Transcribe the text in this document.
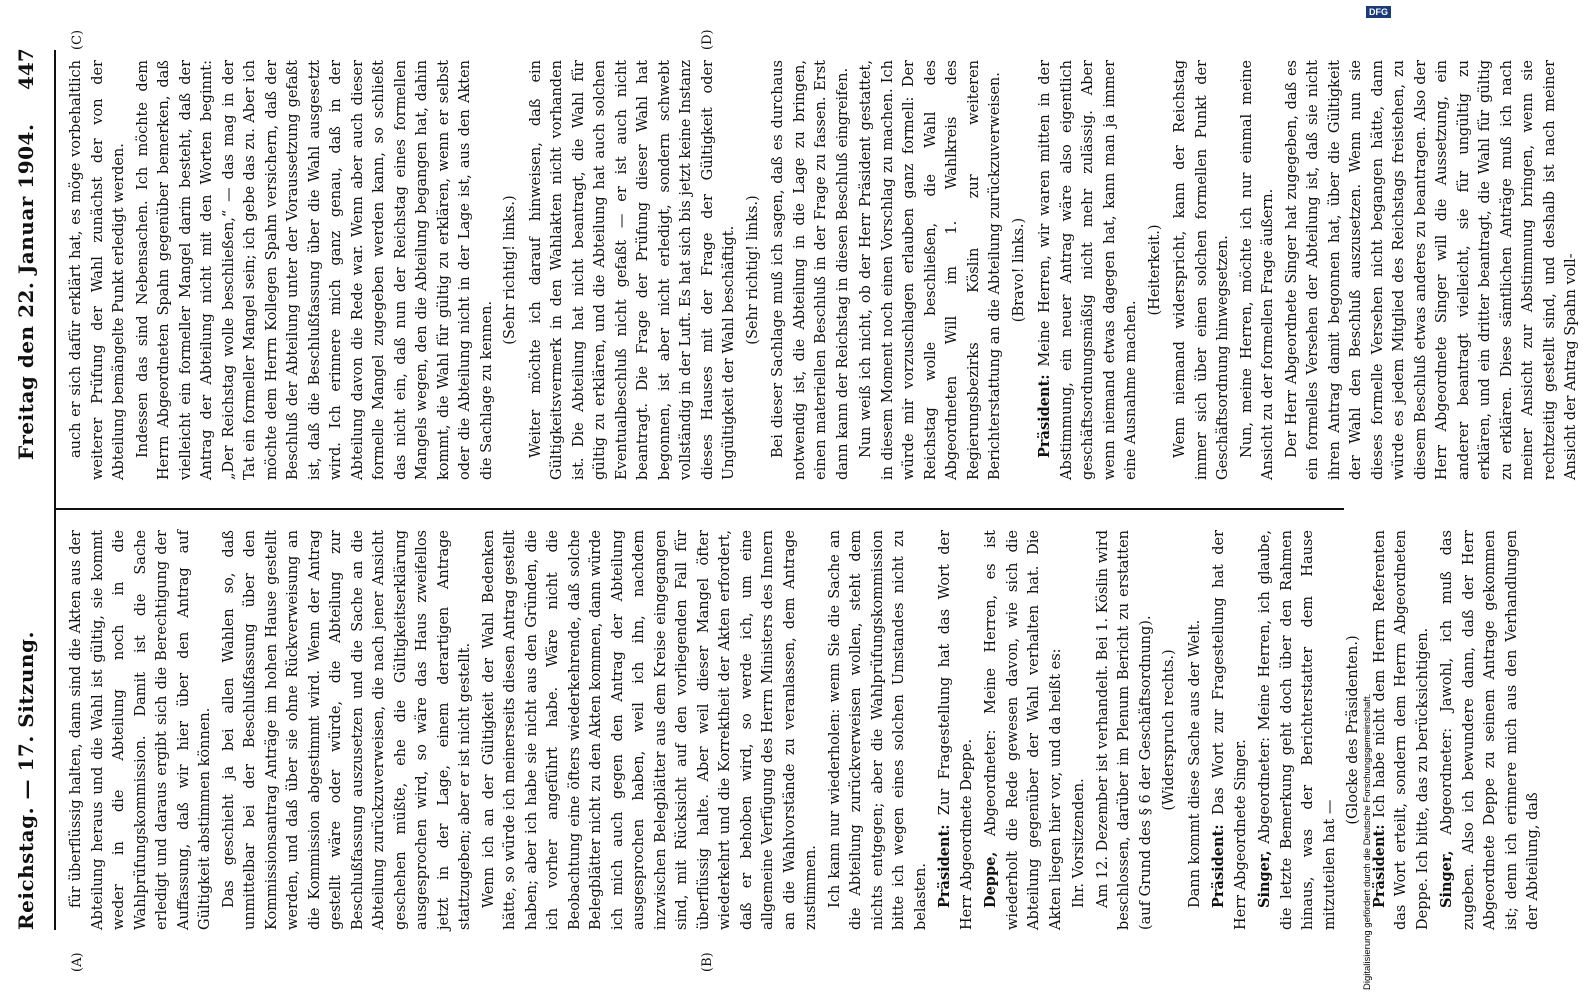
Reichstag. — 17. Sitzung.
Freitag den 22. Januar 1904.
447
(A)	(B)
(C)	(D)

für überflüssig halten, dann sind die Akten aus der Abteilung heraus und die Wahl ist gültig, sie kommt weder in die Abteilung noch in die Wahlprüfungskommission. Damit ist die Sache erledigt und daraus ergibt sich die Berechtigung der Auffassung, daß wir hier über den Antrag auf Gültigkeit abstimmen können. Das geschieht ja bei allen Wahlen so, daß unmittelbar bei der Beschlußfassung über den Kommissionsantrag Anträge im hohen Hause gestellt werden, und daß über sie ohne Rückverweisung an die Kommission abgestimmt wird. Wenn der Antrag gestellt wäre oder würde, die Abteilung zur Beschlußfassung auszusetzen und die Sache an die Abteilung zurückzuverweisen, die nach jener Ansicht geschehen müßte, ehe die Gültigkeitserklärung ausgesprochen wird, so wäre das Haus zweifellos jetzt in der Lage, einem derartigen Antrage stattzugeben; aber er ist nicht gestellt. Wenn ich an der Gültigkeit der Wahl Bedenken hätte, so würde ich meinerseits diesen Antrag gestellt haben; aber ich habe sie nicht aus den Gründen, die ich vorher angeführt habe. Wäre nicht die Beobachtung eine öfters wiederkehrende, daß solche Belegblätter nicht zu den Akten kommen, dann würde ich mich auch gegen den Antrag der Abteilung ausgesprochen haben, weil ich ihn, nachdem inzwischen Belegblätter aus dem Kreise eingegangen sind, mit Rücksicht auf den vorliegenden Fall für überflüssig halte. Aber weil dieser Mangel öfter wiederkehrt und die Korrektheit der Akten erfordert, daß er behoben wird, so werde ich, um eine allgemeine Verfügung des Herrn Ministers des Innern an die Wahlvorstände zu veranlassen, dem Antrage zustimmen. Ich kann nur wiederholen: wenn Sie die Sache an die Abteilung zurückverweisen wollen, steht dem nichts entgegen; aber die Wahlprüfungskommission bitte ich wegen eines solchen Umstandes nicht zu belasten. Präsident: Zur Fragestellung hat das Wort der Herr Abgeordnete Deppe. Deppe, Abgeordneter: Meine Herren, es ist wiederholt die Rede gewesen davon, wie sich die Abteilung gegenüber der Wahl verhalten hat. Die Akten liegen hier vor, und da heißt es: Ihr. Vorsitzenden. Am 12. Dezember ist verhandelt. Bei 1. Köslin wird beschlossen, darüber im Plenum Bericht zu erstatten (auf Grund des § 6 der Geschäftsordnung). (Widerspruch rechts.) Dann kommt diese Sache aus der Welt. Präsident: Das Wort zur Fragestellung hat der Herr Abgeordnete Singer. Singer, Abgeordneter: Meine Herren, ich glaube, die letzte Bemerkung geht doch über den Rahmen hinaus, was der Berichterstatter dem Hause mitzuteilen hat —

(Glocke des Präsidenten.)

Präsident: Ich habe nicht dem Herrn Referenten das Wort erteilt, sondern dem Herrn Abgeordneten Deppe. Ich bitte, das zu berücksichtigen. Singer, Abgeordneter: Jawohl, ich muß das zugeben. Also ich bewundere dann, daß der Herr Abgeordnete Deppe zu seinem Antrage gekommen ist; denn ich erinnere mich aus den Verhandlungen der Abteilung, daß

auch er sich dafür erklärt hat, es möge vorbehaltlich weiterer Prüfung der Wahl zunächst der von der Abteilung bemängelte Punkt erledigt werden. Indessen das sind Nebensachen. Ich möchte dem Herrn Abgeordneten Spahn gegenüber bemerken, daß vielleicht ein formeller Mangel darin besteht, daß der Antrag der Abteilung nicht mit den Worten beginnt: „Der Reichstag wolle beschließen,“ — das mag in der Tat ein formeller Mangel sein; ich gebe das zu. Aber ich möchte dem Herrn Kollegen Spahn versichern, daß der Beschluß der Abteilung unter der Voraussetzung gefaßt ist, daß die Beschlußfassung über die Wahl ausgesetzt wird. Ich erinnere mich ganz genau, daß in der Abteilung davon die Rede war. Wenn aber auch dieser formelle Mangel zugegeben werden kann, so schließt das nicht ein, daß nun der Reichstag eines formellen Mangels wegen, den die Abteilung begangen hat, dahin kommt, die Wahl für gültig zu erklären, wenn er selbst oder die Abteilung nicht in der Lage ist, aus den Akten die Sachlage zu kennen.

(Sehr richtig! links.) Weiter möchte ich darauf hinweisen, daß ein Gültigkeitsvermerk in den Wahlakten nicht vorhanden ist. Die Abteilung hat nicht beantragt, die Wahl für gültig zu erklären, und die Abteilung hat auch solchen Eventualbeschluß nicht gefaßt — er ist auch nicht beantragt. Die Frage der Prüfung dieser Wahl hat begonnen, ist aber nicht erledigt, sondern schwebt vollständig in der Luft. Es hat sich bis jetzt keine Instanz dieses Hauses mit der Frage der Gültigkeit oder Ungültigkeit der Wahl beschäftigt. (Sehr richtig! links.) Bei dieser Sachlage muß ich sagen, daß es durchaus notwendig ist, die Abteilung in die Lage zu bringen, einen materiellen Beschluß in der Frage zu fassen. Erst dann kann der Reichstag in diesen Beschluß eingreifen. Nun weiß ich nicht, ob der Herr Präsident gestattet, in diesem Moment noch einen Vorschlag zu machen. Ich würde mir vorzuschlagen erlauben ganz formell: Der Reichstag wolle beschließen, die Wahl des Abgeordneten Will im 1. Wahlkreis des Regierungsbezirks Köslin zur weiteren Berichterstattung an die Abteilung zurückzuverweisen. (Bravo! links.)

Präsident: Meine Herren, wir waren mitten in der Abstimmung, ein neuer Antrag wäre also eigentlich geschäftsordnungsmäßig nicht mehr zulässig. Aber wenn niemand etwas dagegen hat, kann man ja immer eine Ausnahme machen.

(Heiterkeit.) Wenn niemand widerspricht, kann der Reichstag immer sich über einen solchen formellen Punkt der Geschäftsordnung hinwegsetzen. Nun, meine Herren, möchte ich nur einmal meine Ansicht zu der formellen Frage äußern. Der Herr Abgeordnete Singer hat zugegeben, daß es ein formelles Versehen der Abteilung ist, daß sie nicht ihren Antrag damit begonnen hat, über die Gültigkeit der Wahl den Beschluß auszusetzen. Wenn nun sie dieses formelle Versehen nicht begangen hätte, dann würde es jedem Mitglied des Reichstags freistehen, zu diesem Beschluß etwas anderes zu beantragen. Also der Herr Abgeordnete Singer will die Aussetzung, ein anderer beantragt vielleicht, sie für ungültig zu erklären, und ein dritter beantragt, die Wahl für gültig zu erklären. Diese sämtlichen Anträge muß ich nach meiner Ansicht zur Abstimmung bringen, wenn sie rechtzeitig gestellt sind, und deshalb ist nach meiner Ansicht der Antrag Spahn voll-

Digitalisierung gefördert durch die Deutsche Forschungsgemeinschaft.
DFG
